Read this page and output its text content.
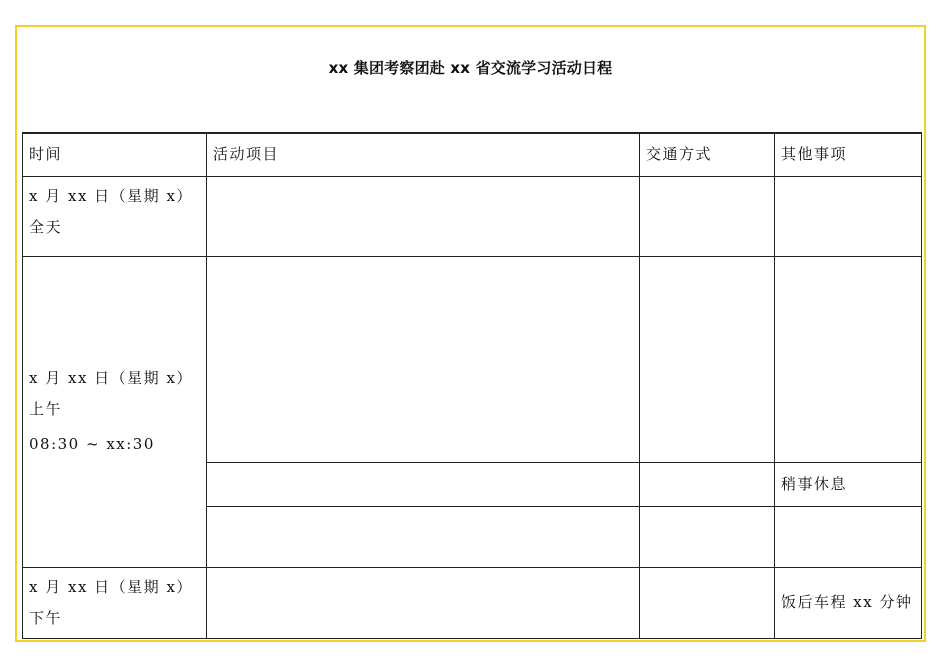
xx 集团考察团赴 xx 省交流学习活动日程
时间	活动项目	交通方式	其他事项

x 月 xx 日（星期 x）全天			

x 月 xx 日（星期 x）上午
08:30 ~ xx:30			

			稍事休息

x 月 xx 日（星期 x）下午			饭后车程 xx 分钟
